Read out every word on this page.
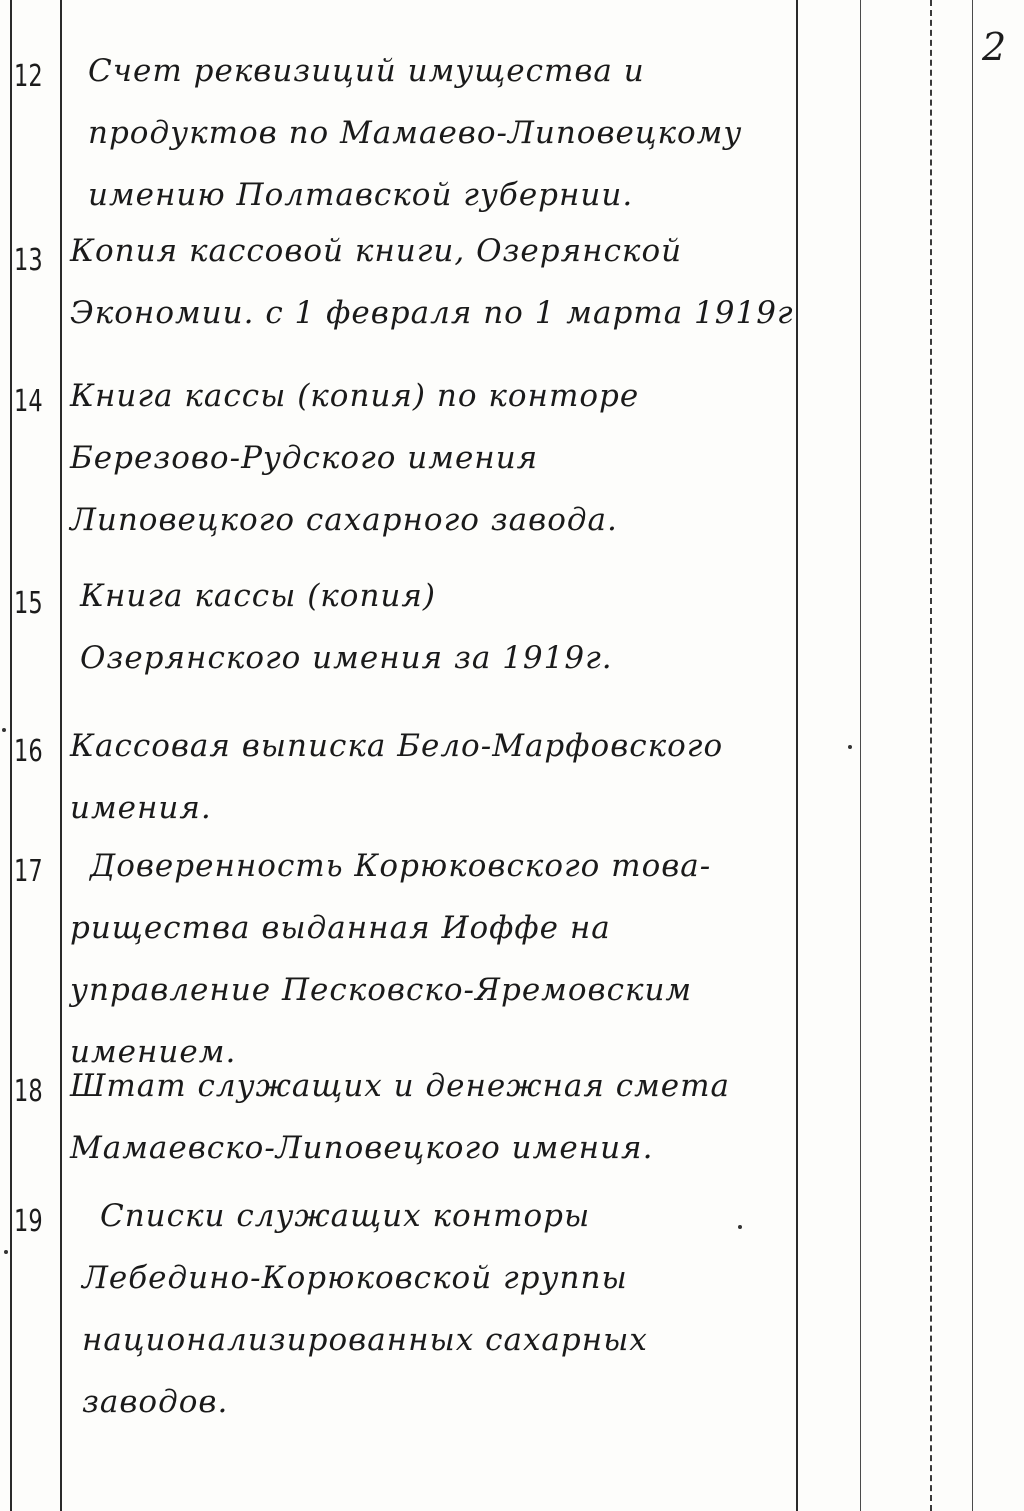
2
12 Счет реквизиций имущества и
продуктов по Мамаево-Липовецкому
имению Полтавской губернии.
13 Копия кассовой книги, Озерянской
Экономии. с 1 февраля по 1 марта 1919г
14 Книга кассы (копия) по конторе
Березово-Рудского имения
Липовецкого сахарного завода.
15 Книга кассы (копия)
Озерянского имения за 1919г.
16 Кассовая выписка Бело-Марфовского
имения.
17	Доверенность Корюковского това-
рищества выданная Иоффе на
управление Песковско-Яремовским
имением.
18 Штат служащих и денежная смета
Мамаевско-Липовецкого имения.
19	Списки служащих конторы
Лебедино-Корюковской группы
национализированных сахарных
заводов.
